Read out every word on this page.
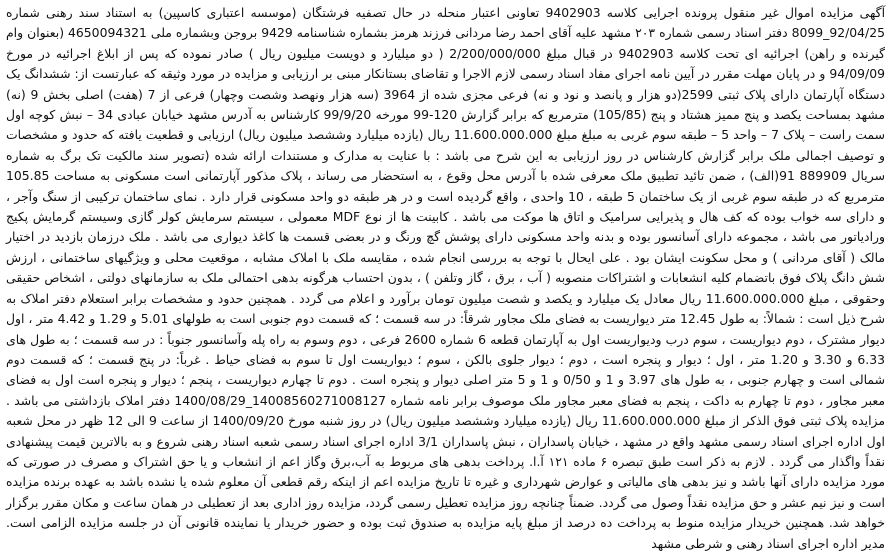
آگهی مزایده اموال غیر منقول پرونده اجرایی کلاسه 9402903 تعاونی اعتبار منحله در حال تصفیه فرشتگان (موسسه اعتباری کاسپین) به استناد سند رهنی شماره 92/04/25_8099 دفتر اسناد رسمی شماره ۲۰۳ مشهد علیه آقای احمد رضا مردانی فرزند هرمز بشماره شناسنامه 9429 بروجن وبشماره ملی 4650094321 (بعنوان وام گیرنده و راهن) اجرائیه ای تحت کلاسه 9402903 در قبال مبلغ 2/200/000/000 ( دو میلیارد و دویست میلیون ریال ) صادر نموده که پس از ابلاغ اجرائیه در مورخ 94/09/09 و در پایان مهلت مقرر در آیین نامه اجرای مفاد اسناد رسمی لازم الاجرا و تقاضای بستانکار مبنی بر ارزیابی و مزایده در مورد وثیقه که عبارتست از: ششدانگ یک دستگاه آپارتمان دارای پلاک ثبتی 2599(دو هزار و پانصد و نود و نه) فرعی مجزی شده از 3964 (سه هزار ونهصد وشصت وچهار) فرعی از 7 (هفت) اصلی بخش 9 (نه) مشهد بمساحت یکصد و پنج ممیز هشتاد و پنج (105/85) مترمربع که برابر گزارش 120-99 مورخه 99/9/20 کارشناس به آدرس مشهد خیابان عبادی 34 – نبش کوچه اول سمت راست – پلاک 7 – واحد 5 – طبقه سوم غربی به مبلغ مبلغ 11.600.000.000 ریال (یازده میلیارد وششصد میلیون ریال) ارزیابی و قطعیت یافته که حدود و مشخصات و توصیف اجمالی ملک برابر گزارش کارشناس در روز ارزیابی به این شرح می باشد : با عنایت به مدارک و مستندات ارائه شده (تصویر سند مالکیت تک برگ به شماره سریال 889909 91(الف) ، ضمن تائید تطبیق ملک معرفی شده با آدرس محل وقوع ، به استحضار می رساند ، پلاک مذکور آپارتمانی است مسکونی به مساحت 105.85 مترمربع که در طبقه سوم غربی از یک ساختمان 5 طبقه ، 10 واحدی ، واقع گردیده است و در هر طبقه دو واحد مسکونی قرار دارد . نمای ساختمان ترکیبی از سنگ وآجر ، و دارای سه خواب بوده که کف هال و پذیرایی سرامیک و اتاق ها موکت می باشد . کابینت ها از نوع MDF معمولی ، سیستم سرمایش کولر گازی وسیستم گرمایش پکیج ورادیاتور می باشد ، مجموعه دارای آسانسور بوده و بدنه واحد مسکونی دارای پوشش گچ ورنگ و در بعضی قسمت ها کاغذ دیواری می باشد . ملک درزمان بازدید در اختیار مالک ( آقای مردانی ) و محل سکونت ایشان بود . علی ایحال با توجه به بررسی انجام شده ، مقایسه ملک با املاک مشابه ، موقعیت محلی و ویژگیهای ساختمانی ، ارزش شش دانگ پلاک فوق باتضمام کلیه انشعابات و اشتراکات منصوبه ( آب ، برق ، گاز وتلفن ) ، بدون احتساب هرگونه بدهی احتمالی ملک به سازمانهای دولتی ، اشخاص حقیقی وحقوقی ، مبلغ 11.600.000.000 ریال معادل یک میلیارد و یکصد و شصت میلیون تومان برآورد و اعلام می گردد . همچنین حدود و مشخصات برابر استعلام دفتر املاک به شرح ذیل است : شمالاً: به طول 12.45 متر دیواریست به فضای ملک مجاور شرقاً: در سه قسمت ؛ که قسمت دوم جنوبی است به طولهای 5.01 و 1.29 و 4.42 متر ، اول دیوار مشترک ، دوم دیواریست ، سوم درب ودیواریست اول به آپارتمان قطعه 6 شماره 2600 فرعی ، دوم وسوم به راه پله وآسانسور جنوباً : در سه قسمت ؛ به طول های 6.33 و 3.30 و 1.20 متر ، اول ؛ دیوار و پنجره است ، دوم ؛ دیوار جلوی بالکن ، سوم ؛ دیواریست اول تا سوم به فضای حیاط . غرباً: در پنج قسمت ؛ که قسمت دوم شمالی است و چهارم جنوبی ، به طول های 3.97 و 1 و 0/50 و 1 و 5 متر اصلی دیوار و پنجره است . دوم تا چهارم دیواریست ، پنجم ؛ دیوار و پنجره است اول به فضای معبر مجاور ، دوم تا چهارم به داکت ، پنجم به فضای معبر مجاور ملک موصوف برابر نامه شماره 14008560271008127_1400/08/29 دفتر املاک بازداشتی می باشد . مزایده پلاک ثبتی فوق الذکر از مبلغ 11.600.000.000 ریال (یازده میلیارد وششصد میلیون ریال) در روز شنبه مورخ 1400/09/20 از ساعت 9 الی 12 ظهر در محل شعبه اول اداره اجرای اسناد رسمی مشهد واقع در مشهد ، خیابان پاسداران ، نبش پاسداران 3/1 اداره اجرای اسناد رسمی شعبه اسناد رهنی شروع و به بالاترین قیمت پیشنهادی نقداً واگذار می گردد . لازم به ذکر است طبق تبصره ۶ ماده ۱۲۱ آ.ا. پرداخت بدهی های مربوط به آب،برق وگاز اعم از انشعاب و یا حق اشتراک و مصرف در صورتی که مورد مزایده دارای آنها باشد و نیز بدهی های مالیاتی و عوارض شهرداری و غیره تا تاریخ مزایده اعم از اینکه رقم قطعی آن معلوم شده یا نشده باشد به عهده برنده مزایده است و نیز نیم عشر و حق مزایده نقداً وصول می گردد. ضمناً چنانچه روز مزایده تعطیل رسمی گردد، مزایده روز اداری بعد از تعطیلی در همان ساعت و مکان مقرر برگزار خواهد شد. همچنین خریدار مزایده منوط به پرداخت ده درصد از مبلغ پایه مزایده به صندوق ثبت بوده و حضور خریدار یا نماینده قانونی آن در جلسه مزایده الزامی است. مدیر اداره اجرای اسناد رهنی و شرطی مشهد
